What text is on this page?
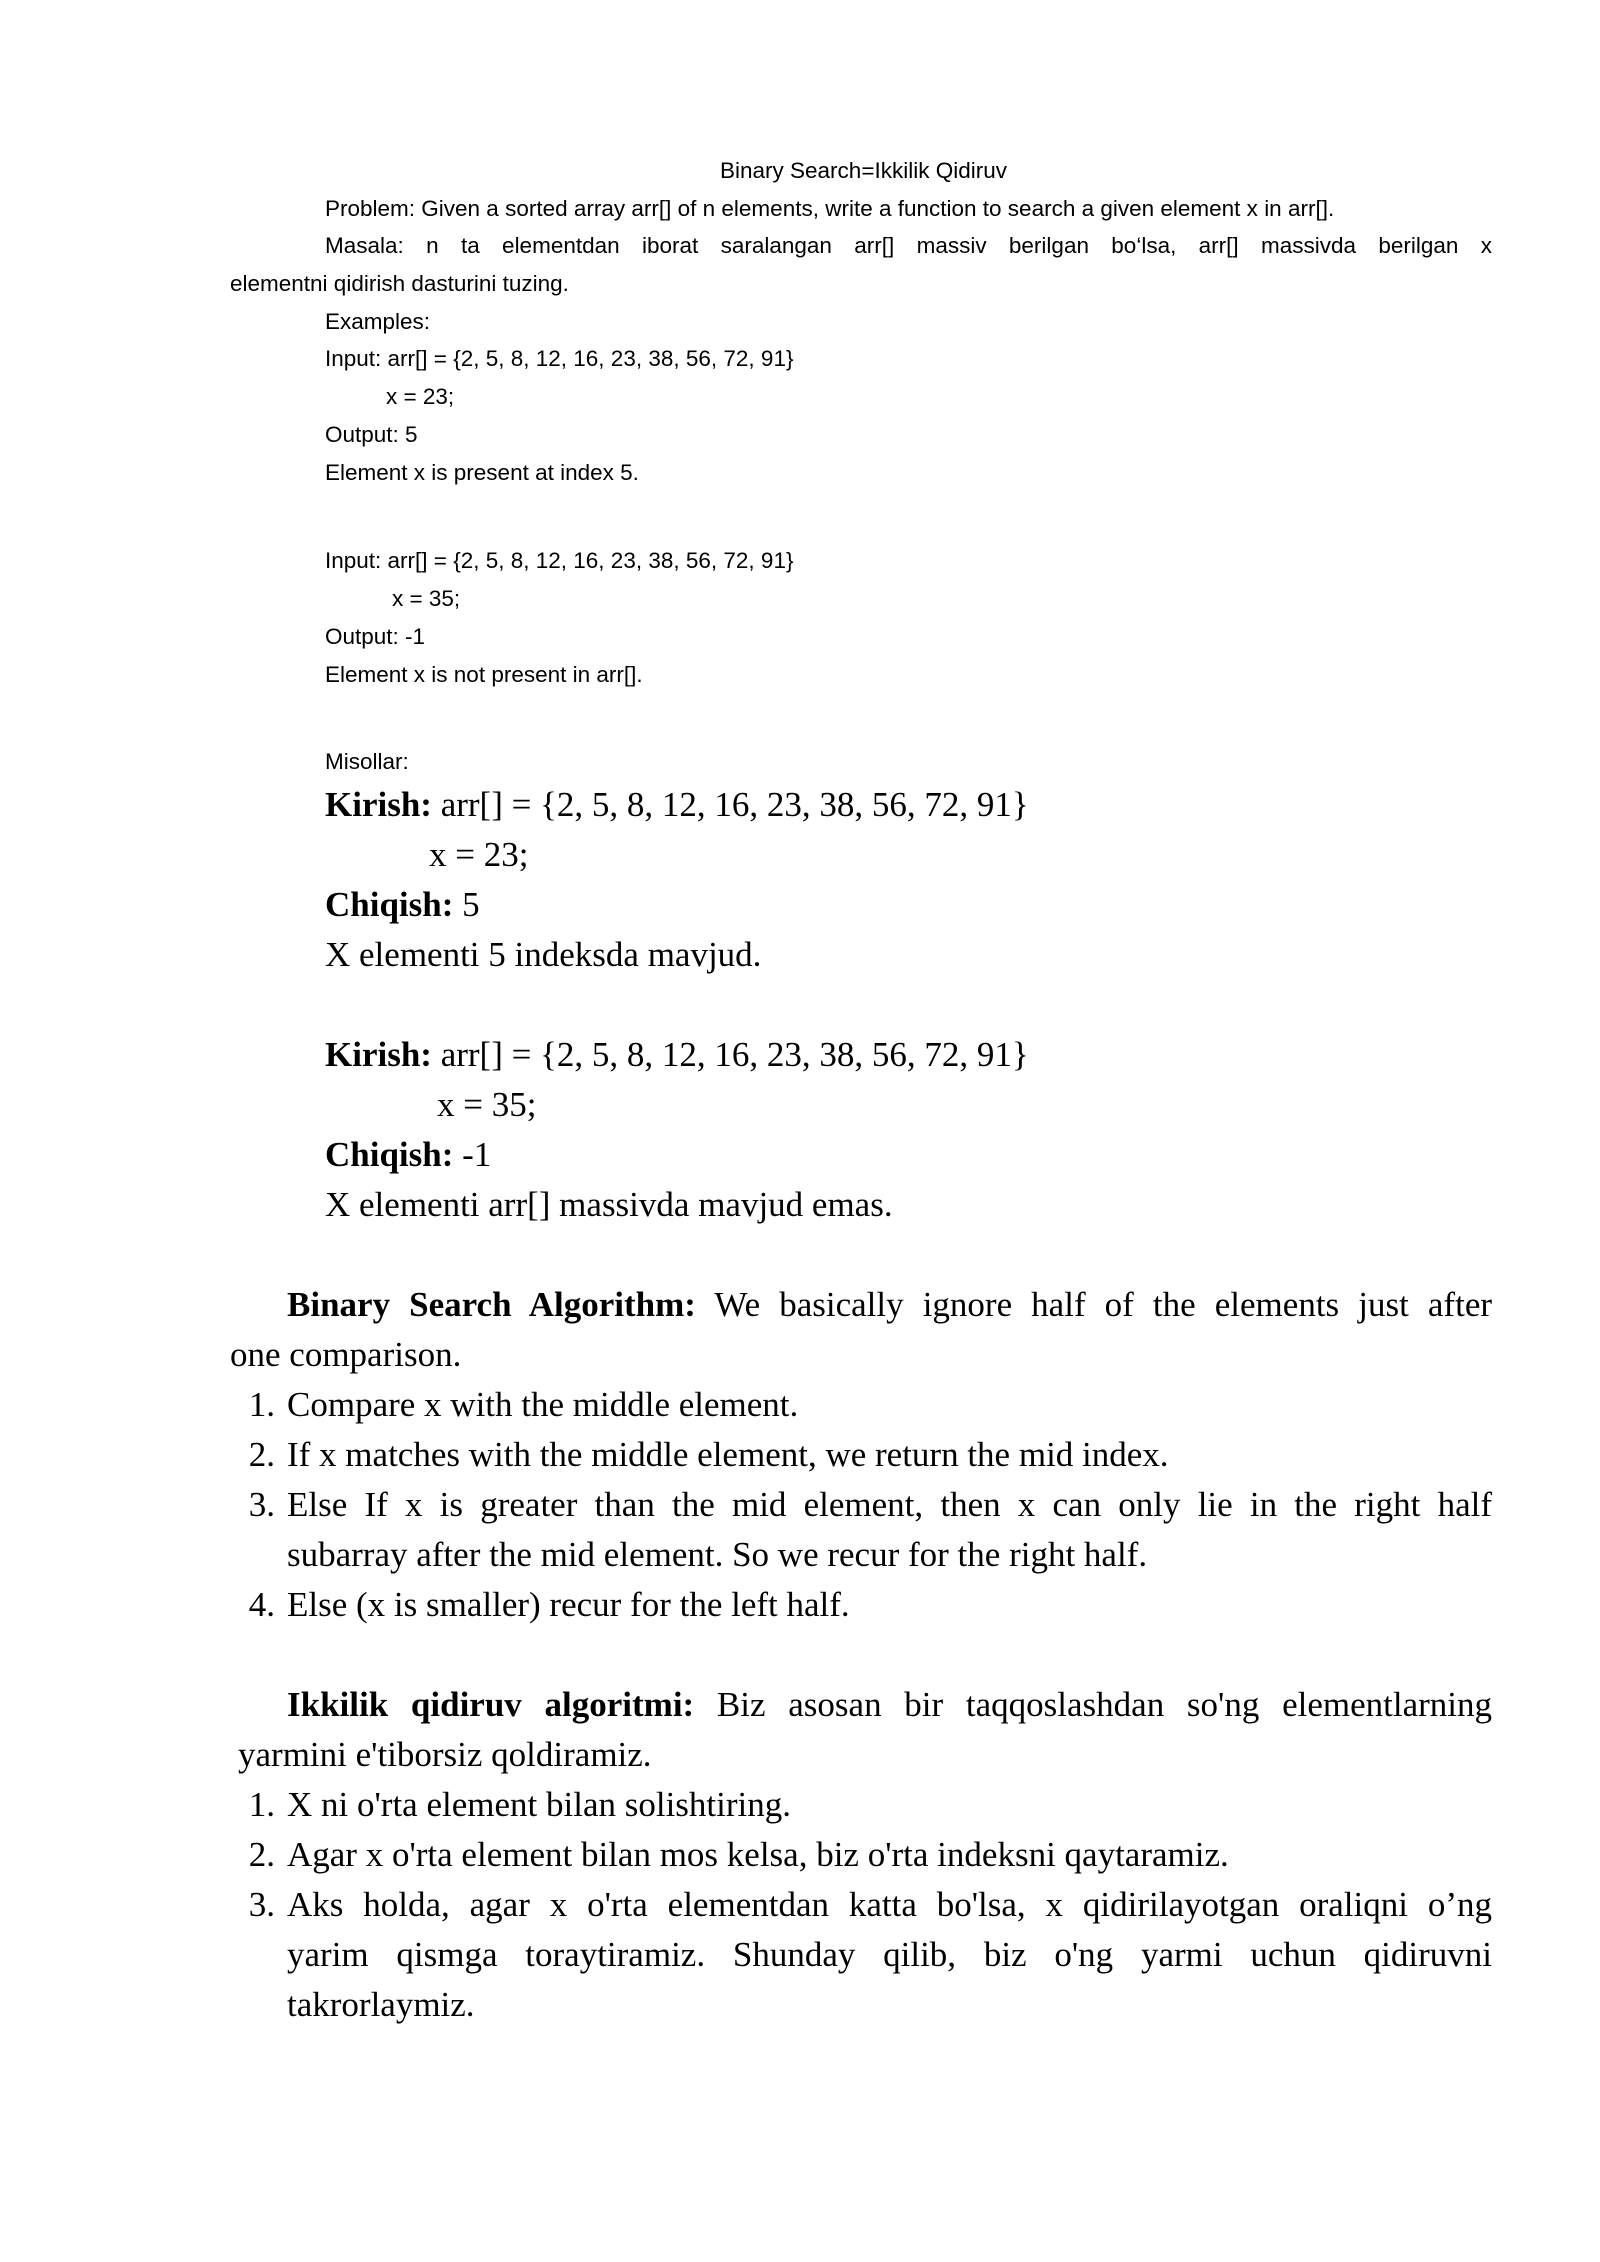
Binary Search=Ikkilik Qidiruv
Problem: Given a sorted array arr[] of n elements, write a function to search a given element x in arr[].
Masala: n ta elementdan iborat saralangan arr[] massiv berilgan bo‘lsa, arr[] massivda berilgan x
elementni qidirish dasturini tuzing.
Examples:
Input: arr[] = {2, 5, 8, 12, 16, 23, 38, 56, 72, 91}
x = 23;
Output: 5
Element x is present at index 5.
Input: arr[] = {2, 5, 8, 12, 16, 23, 38, 56, 72, 91}
x = 35;
Output: -1
Element x is not present in arr[].
Misollar:
Kirish: arr[] = {2, 5, 8, 12, 16, 23, 38, 56, 72, 91}
x = 23;
Chiqish: 5
X elementi 5 indeksda mavjud.
Kirish: arr[] = {2, 5, 8, 12, 16, 23, 38, 56, 72, 91}
x = 35;
Chiqish: -1
X elementi arr[] massivda mavjud emas.
Binary Search Algorithm: We basically ignore half of the elements just after
one comparison.
1. Compare x with the middle element.
2. If x matches with the middle element, we return the mid index.
3. Else If x is greater than the mid element, then x can only lie in the right half
subarray after the mid element. So we recur for the right half.
4. Else (x is smaller) recur for the left half.
Ikkilik qidiruv algoritmi: Biz asosan bir taqqoslashdan so'ng elementlarning
yarmini e'tiborsiz qoldiramiz.
1. X ni o'rta element bilan solishtiring.
2. Agar x o'rta element bilan mos kelsa, biz o'rta indeksni qaytaramiz.
3. Aks holda, agar x o'rta elementdan katta bo'lsa, x qidirilayotgan oraliqni o’ng
yarim qismga toraytiramiz. Shunday qilib, biz o'ng yarmi uchun qidiruvni
takrorlaymiz.
